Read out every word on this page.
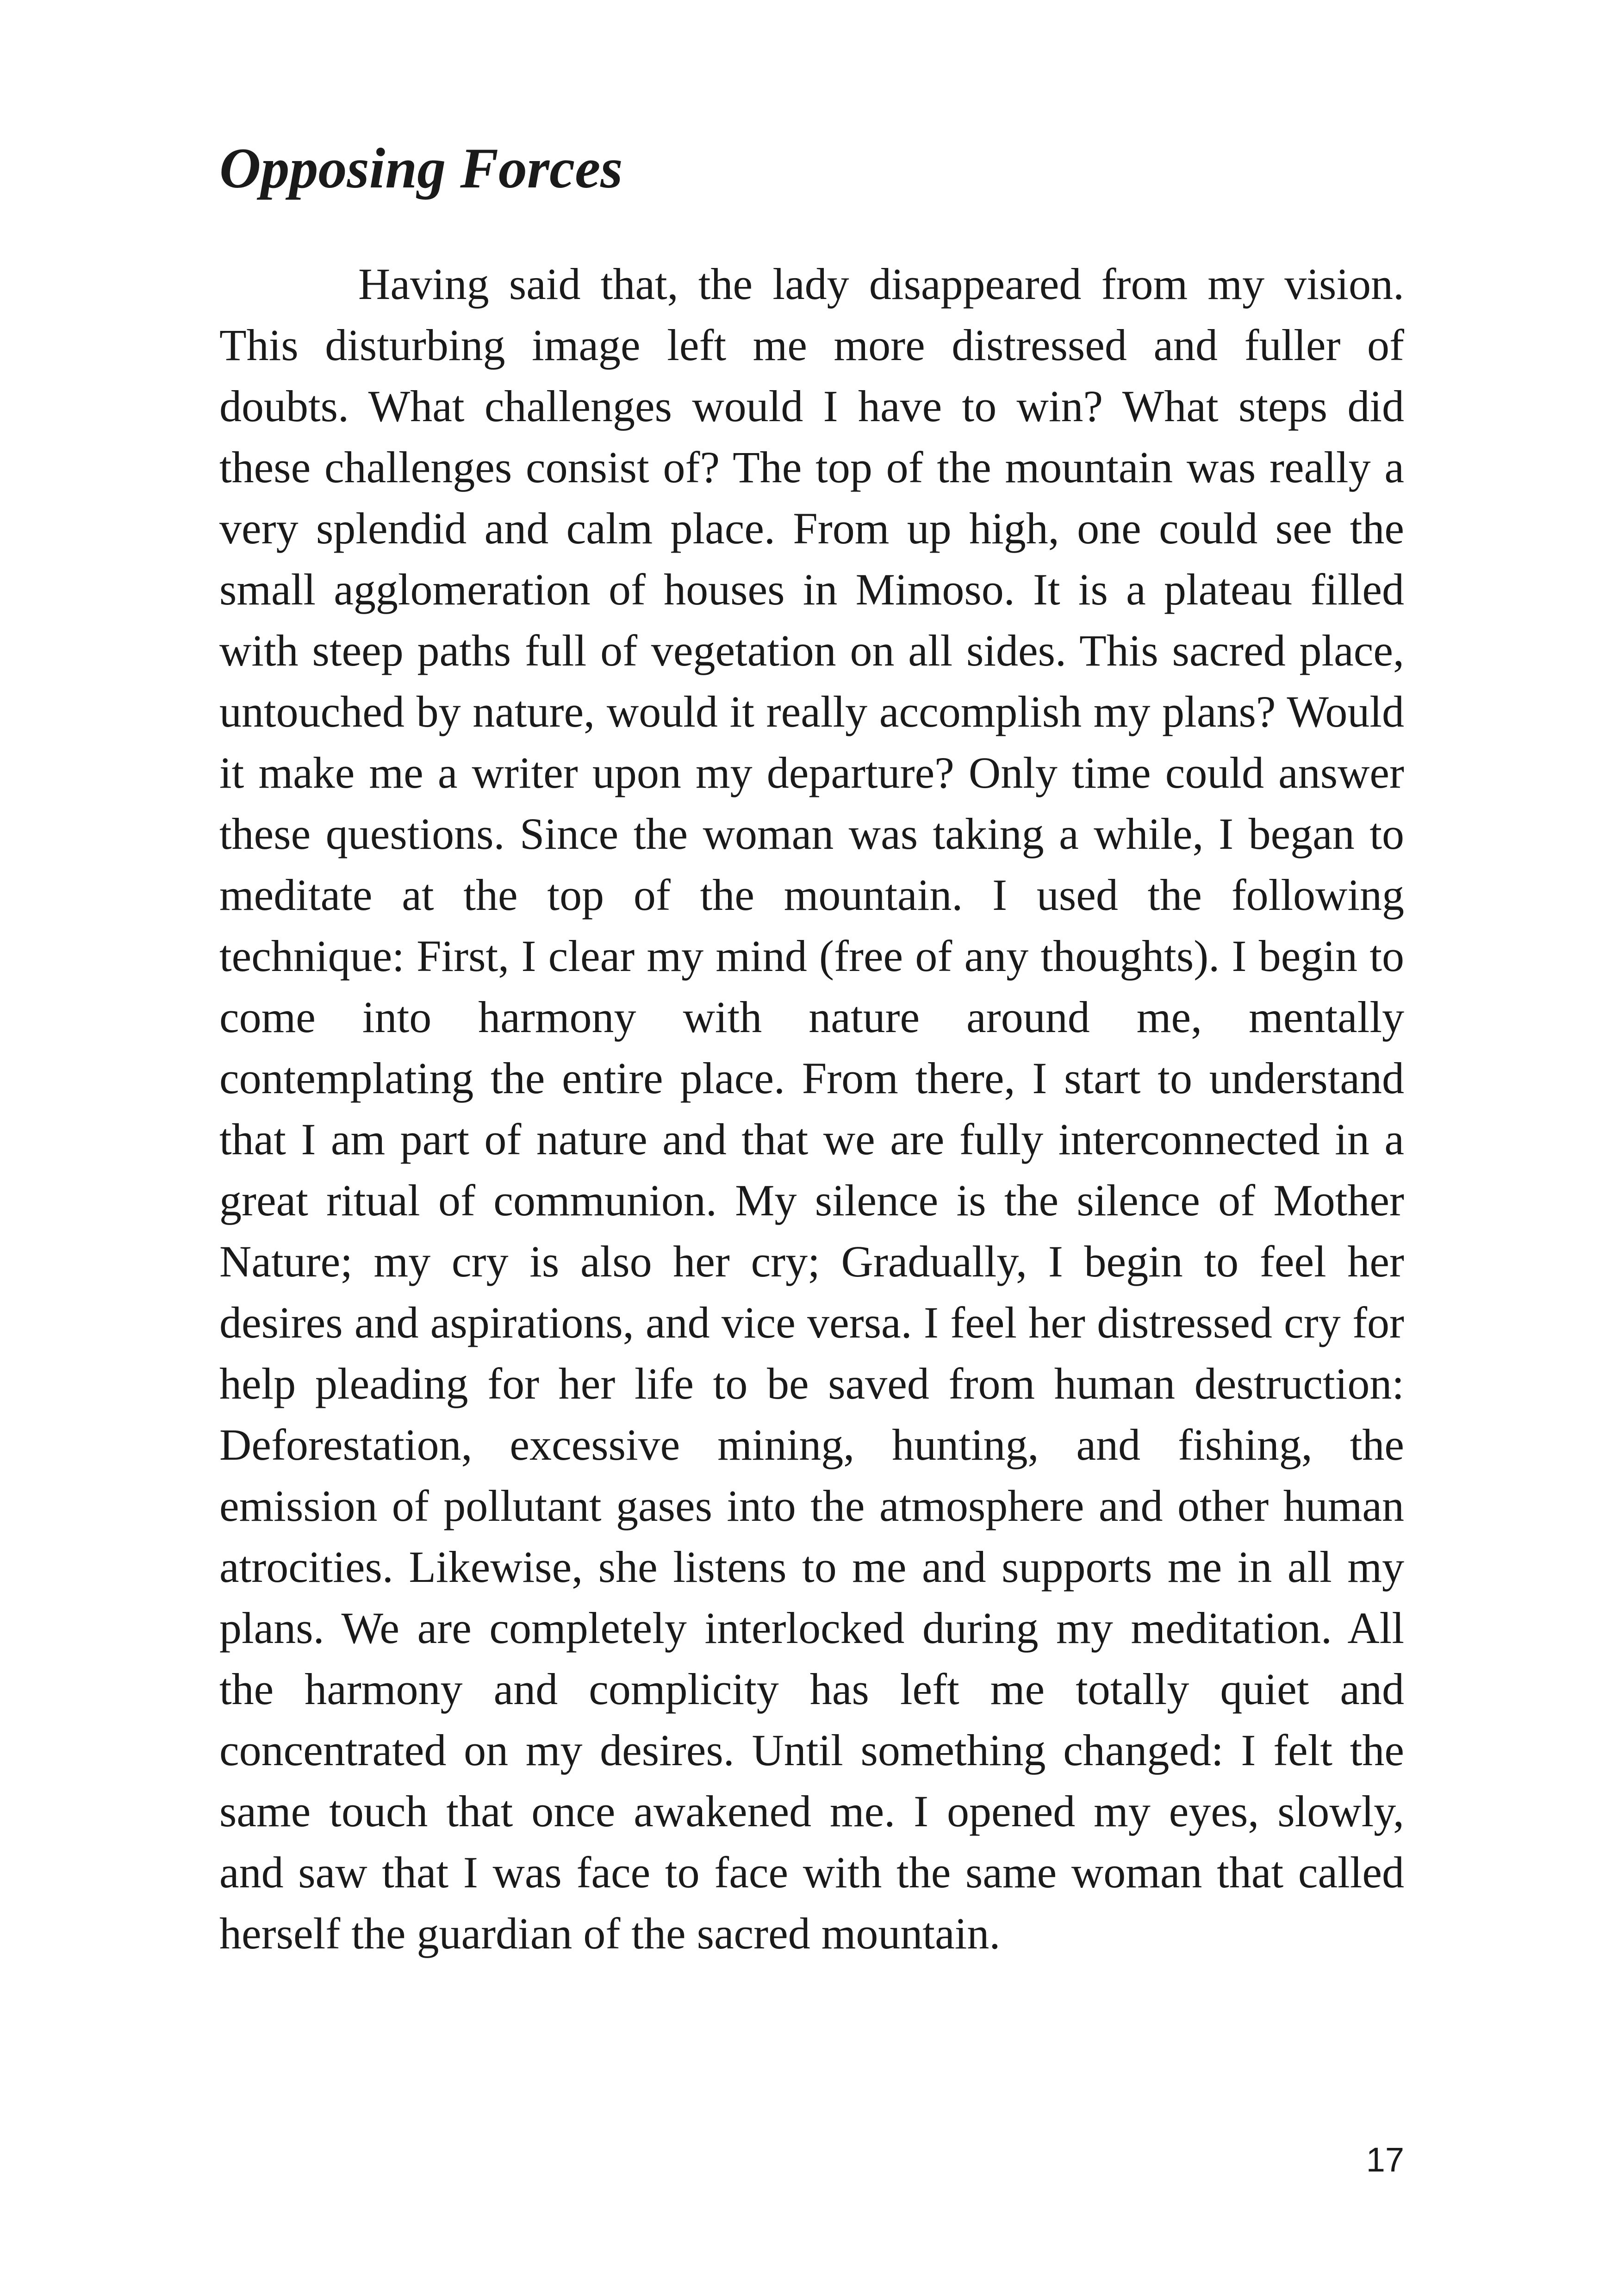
Opposing Forces

Having said that, the lady disappeared from my vision. This disturbing image left me more distressed and fuller of doubts. What challenges would I have to win? What steps did these challenges consist of? The top of the mountain was really a very splendid and calm place. From up high, one could see the small agglomeration of houses in Mimoso. It is a plateau filled with steep paths full of vegetation on all sides. This sacred place, untouched by nature, would it really accomplish my plans? Would it make me a writer upon my departure? Only time could answer these questions. Since the woman was taking a while, I began to meditate at the top of the mountain. I used the following technique: First, I clear my mind (free of any thoughts). I begin to come into harmony with nature around me, mentally contemplating the entire place. From there, I start to understand that I am part of nature and that we are fully interconnected in a great ritual of communion. My silence is the silence of Mother Nature; my cry is also her cry; Gradually, I begin to feel her desires and aspirations, and vice versa. I feel her distressed cry for help pleading for her life to be saved from human destruction: Deforestation, excessive mining, hunting, and fishing, the emission of pollutant gases into the atmosphere and other human atrocities. Likewise, she listens to me and supports me in all my plans. We are completely interlocked during my meditation. All the harmony and complicity has left me totally quiet and concentrated on my desires. Until something changed: I felt the same touch that once awakened me. I opened my eyes, slowly, and saw that I was face to face with the same woman that called herself the guardian of the sacred mountain.

17
